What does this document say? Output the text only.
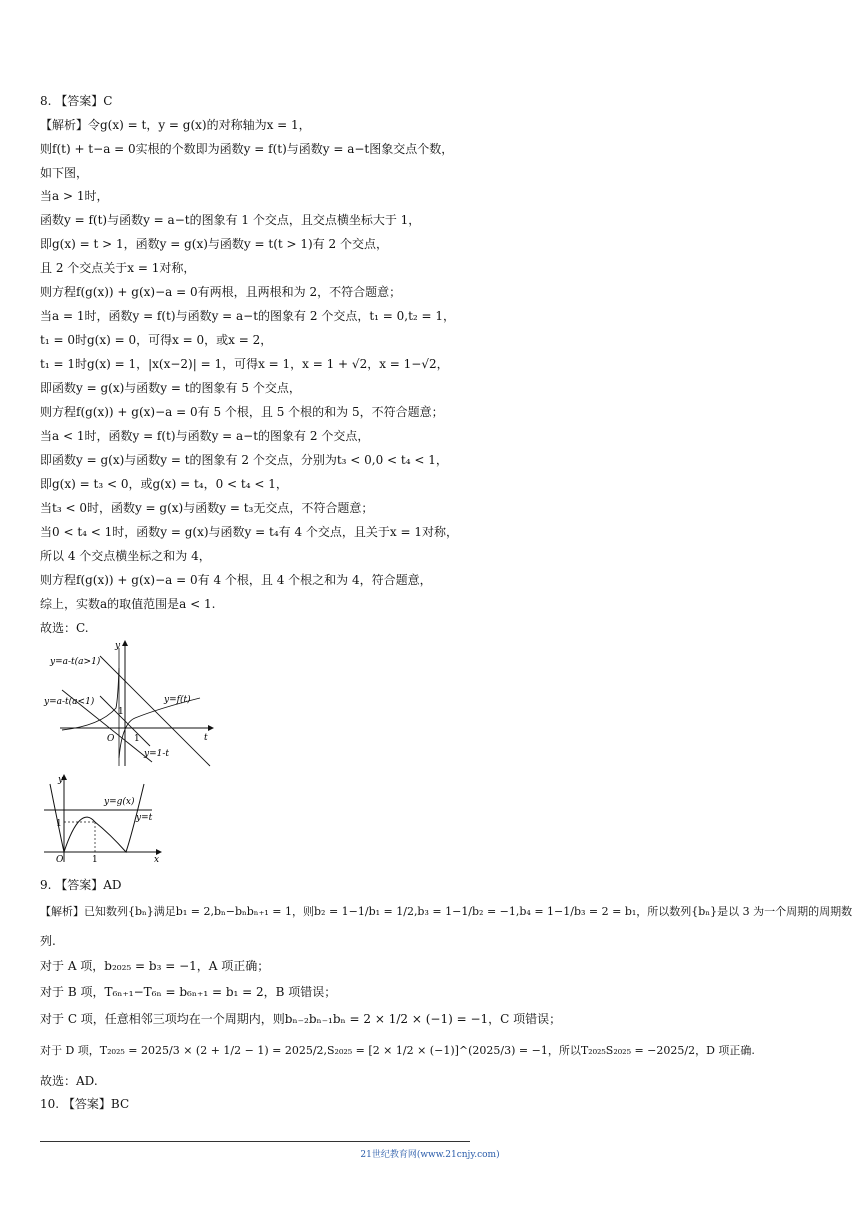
8. 【答案】C
【解析】令g(x) = t，y = g(x)的对称轴为x = 1，
则f(t) + t−a = 0实根的个数即为函数y = f(t)与函数y = a−t图象交点个数，
如下图，
当a > 1时，
函数y = f(t)与函数y = a−t的图象有 1 个交点，且交点横坐标大于 1，
即g(x) = t > 1，函数y = g(x)与函数y = t(t > 1)有 2 个交点，
且 2 个交点关于x = 1对称，
则方程f(g(x)) + g(x)−a = 0有两根，且两根和为 2，不符合题意；
当a = 1时，函数y = f(t)与函数y = a−t的图象有 2 个交点，t₁ = 0,t₂ = 1，
t₁ = 0时g(x) = 0，可得x = 0，或x = 2，
t₁ = 1时g(x) = 1，|x(x−2)| = 1，可得x = 1，x = 1 + √2，x = 1−√2，
即函数y = g(x)与函数y = t的图象有 5 个交点，
则方程f(g(x)) + g(x)−a = 0有 5 个根，且 5 个根的和为 5，不符合题意；
当a < 1时，函数y = f(t)与函数y = a−t的图象有 2 个交点，
即函数y = g(x)与函数y = t的图象有 2 个交点，分别为t₃ < 0,0 < t₄ < 1，
即g(x) = t₃ < 0，或g(x) = t₄，0 < t₄ < 1，
当t₃ < 0时，函数y = g(x)与函数y = t₃无交点，不符合题意；
当0 < t₄ < 1时，函数y = g(x)与函数y = t₄有 4 个交点，且关于x = 1对称，
所以 4 个交点横坐标之和为 4，
则方程f(g(x)) + g(x)−a = 0有 4 个根，且 4 个根之和为 4，符合题意，
综上，实数a的取值范围是a < 1.
故选：C.
y
t
O 1
1
y=a-t(a>1)
y=a-t(a<1)	y=f(t)
y=1-t
y
x
O	1
1
y=g(x)
y=t
9. 【答案】AD
【解析】已知数列{bₙ}满足b₁ = 2,bₙ−bₙbₙ₊₁ = 1，则b₂ = 1−1/b₁ = 1/2,b₃ = 1−1/b₂ = −1,b₄ = 1−1/b₃ = 2 = b₁，所以数列{bₙ}是以 3 为一个周期的周期数
列.
对于 A 项，b₂₀₂₅ = b₃ = −1，A 项正确；
对于 B 项，T₆ₙ₊₁−T₆ₙ = b₆ₙ₊₁ = b₁ = 2，B 项错误；
对于 C 项，任意相邻三项均在一个周期内，则bₙ₋₂bₙ₋₁bₙ = 2 × 1/2 × (−1) = −1，C 项错误；
对于 D 项，T₂₀₂₅ = 2025/3 × (2 + 1/2 − 1) = 2025/2,S₂₀₂₅ = [2 × 1/2 × (−1)]^(2025/3) = −1，所以T₂₀₂₅S₂₀₂₅ = −2025/2，D 项正确.
故选：AD.
10. 【答案】BC
21世纪教育网(www.21cnjy.com)
